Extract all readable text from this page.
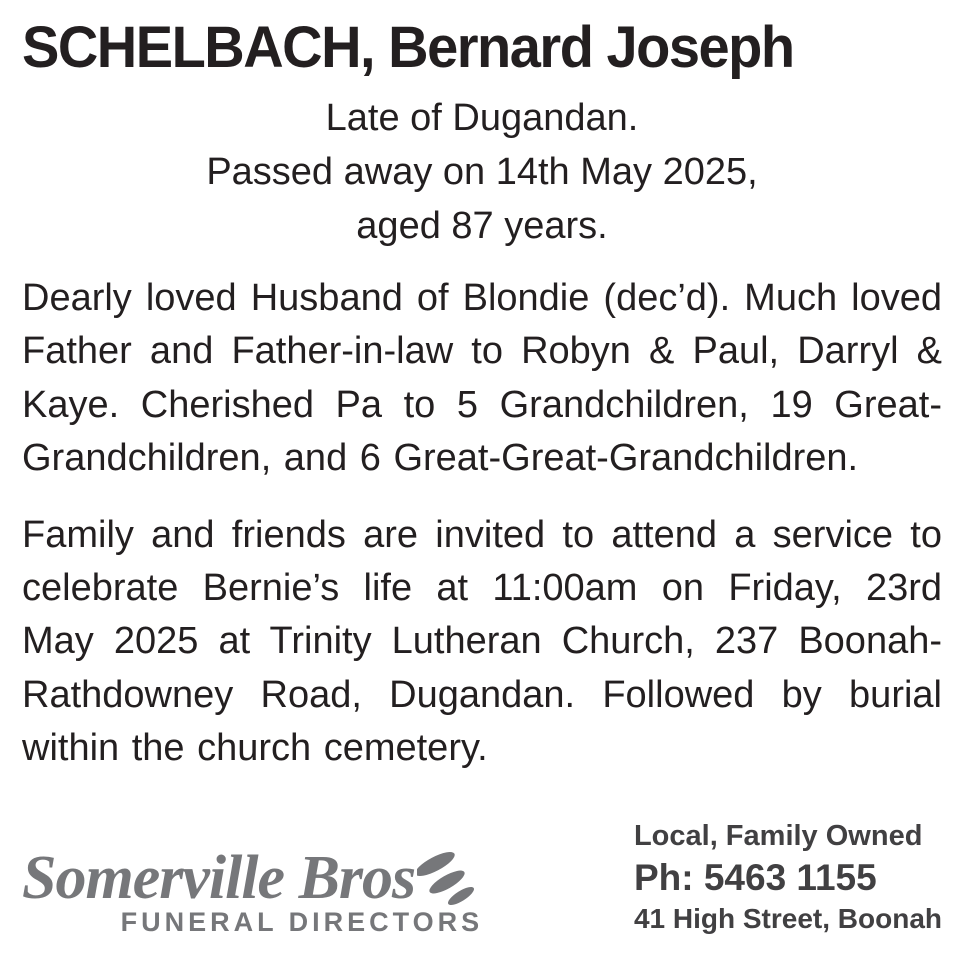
SCHELBACH, Bernard Joseph
Late of Dugandan.
Passed away on 14th May 2025,
aged 87 years.

Dearly loved Husband of Blondie (dec’d). Much loved Father and Father-in-law to Robyn & Paul, Darryl & Kaye. Cherished Pa to 5 Grandchildren, 19 Great-Grandchildren, and 6 Great-Great-Grandchildren.

Family and friends are invited to attend a service to celebrate Bernie’s life at 11:00am on Friday, 23rd May 2025 at Trinity Lutheran Church, 237 Boonah-Rathdowney Road, Dugandan. Followed by burial within the church cemetery.

Somerville Bros
FUNERAL DIRECTORS
Local, Family Owned
Ph: 5463 1155
41 High Street, Boonah
